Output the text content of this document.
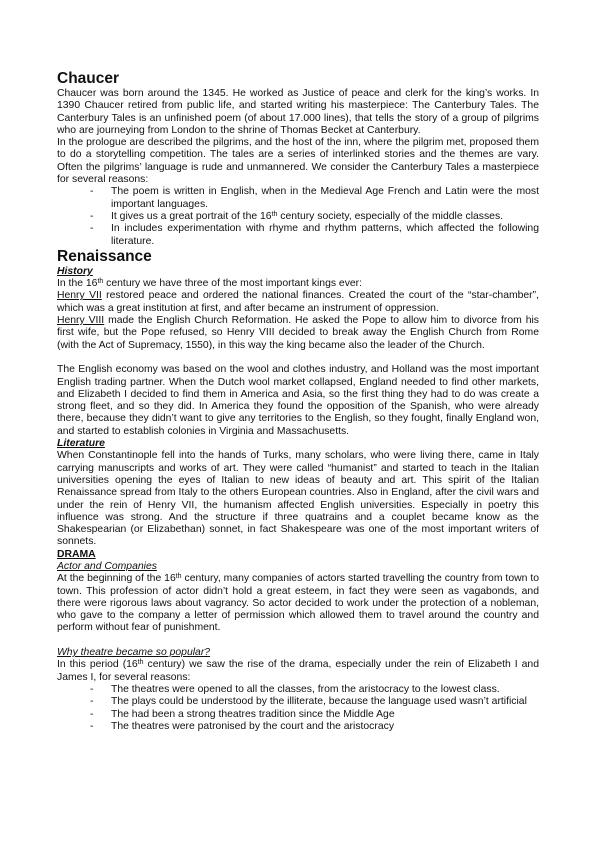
Chaucer

Chaucer was born around the 1345. He worked as Justice of peace and clerk for the king’s works. In 1390 Chaucer retired from public life, and started writing his masterpiece: The Canterbury Tales. The Canterbury Tales is an unfinished poem (of about 17.000 lines), that tells the story of a group of pilgrims who are journeying from London to the shrine of Thomas Becket at Canterbury.

In the prologue are described the pilgrims, and the host of the inn, where the pilgrim met, proposed them to do a storytelling competition. The tales are a series of interlinked stories and the themes are vary. Often the pilgrims’ language is rude and unmannered. We consider the Canterbury Tales a masterpiece for several reasons:

- The poem is written in English, when in the Medieval Age French and Latin were the most important languages.
- It gives us a great portrait of the 16th century society, especially of the middle classes.
- In includes experimentation with rhyme and rhythm patterns, which affected the following literature.
Renaissance

History

In the 16th century we have three of the most important kings ever:

Henry VII restored peace and ordered the national finances. Created the court of the “star-chamber”, which was a great institution at first, and after became an instrument of oppression.

Henry VIII made the English Church Reformation. He asked the Pope to allow him to divorce from his first wife, but the Pope refused, so Henry VIII decided to break away the English Church from Rome (with the Act of Supremacy, 1550), in this way the king became also the leader of the Church.

The English economy was based on the wool and clothes industry, and Holland was the most important English trading partner. When the Dutch wool market collapsed, England needed to find other markets, and Elizabeth I decided to find them in America and Asia, so the first thing they had to do was create a strong fleet, and so they did. In America they found the opposition of the Spanish, who were already there, because they didn’t want to give any territories to the English, so they fought, finally England won, and started to establish colonies in Virginia and Massachusetts.

Literature

When Constantinople fell into the hands of Turks, many scholars, who were living there, came in Italy carrying manuscripts and works of art. They were called “humanist” and started to teach in the Italian universities opening the eyes of Italian to new ideas of beauty and art. This spirit of the Italian Renaissance spread from Italy to the others European countries. Also in England, after the civil wars and under the rein of Henry VII, the humanism affected English universities. Especially in poetry this influence was strong. And the structure if three quatrains and a couplet became know as the Shakespearian (or Elizabethan) sonnet, in fact Shakespeare was one of the most important writers of sonnets.

DRAMA

Actor and Companies

At the beginning of the 16th century, many companies of actors started travelling the country from town to town. This profession of actor didn’t hold a great esteem, in fact they were seen as vagabonds, and there were rigorous laws about vagrancy. So actor decided to work under the protection of a nobleman, who gave to the company a letter of permission which allowed them to travel around the country and perform without fear of punishment.

Why theatre became so popular?

In this period (16th century) we saw the rise of the drama, especially under the rein of Elizabeth I and James I, for several reasons:

- The theatres were opened to all the classes, from the aristocracy to the lowest class.
- The plays could be understood by the illiterate, because the language used wasn’t artificial
- The had been a strong theatres tradition since the Middle Age
- The theatres were patronised by the court and the aristocracy
